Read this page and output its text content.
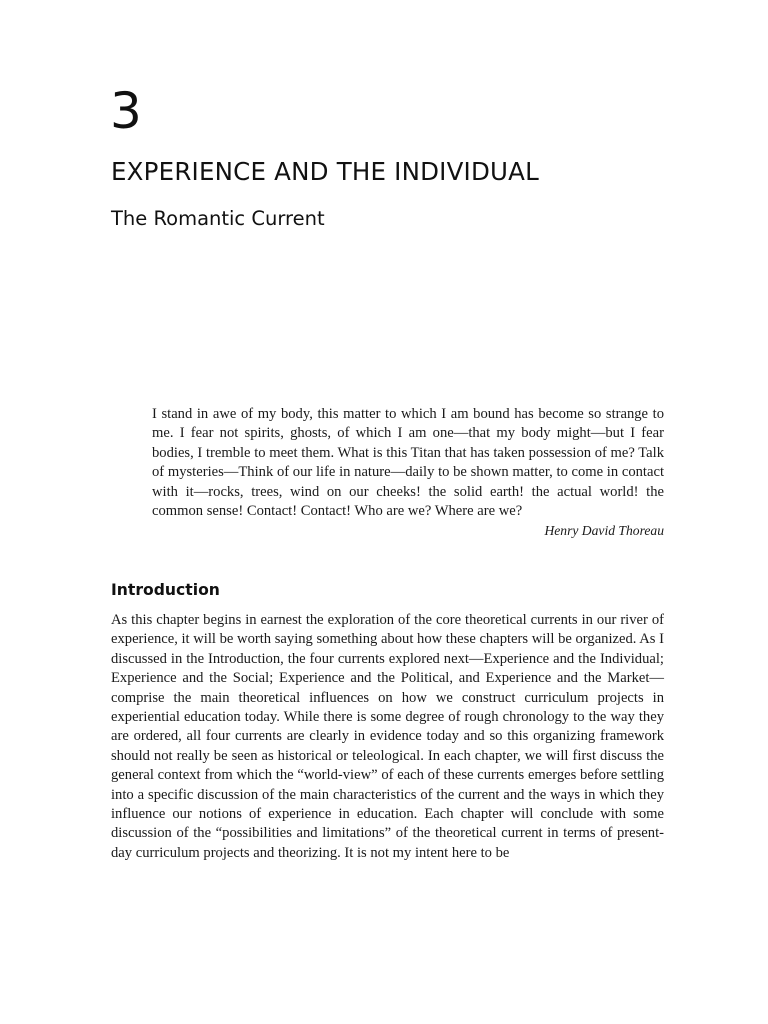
3
EXPERIENCE AND THE INDIVIDUAL
The Romantic Current

I stand in awe of my body, this matter to which I am bound has become so strange to me. I fear not spirits, ghosts, of which I am one—that my body might—but I fear bodies, I tremble to meet them. What is this Titan that has taken possession of me? Talk of mysteries—Think of our life in nature—daily to be shown matter, to come in contact with it—rocks, trees, wind on our cheeks! the solid earth! the actual world! the common sense! Contact! Contact! Who are we? Where are we?

Henry David Thoreau

Introduction

As this chapter begins in earnest the exploration of the core theoretical currents in our river of experience, it will be worth saying something about how these chapters will be organized. As I discussed in the Introduction, the four currents explored next—Experience and the Individual; Experience and the Social; Experience and the Political, and Experience and the Market—comprise the main theoretical influences on how we construct curriculum projects in experiential education today. While there is some degree of rough chronology to the way they are ordered, all four currents are clearly in evidence today and so this organizing framework should not really be seen as historical or teleological. In each chapter, we will first discuss the general context from which the “world-view” of each of these currents emerges before settling into a specific discussion of the main characteristics of the current and the ways in which they influence our notions of experience in education. Each chapter will conclude with some discussion of the “possibilities and limitations” of the theoretical current in terms of present-day curriculum projects and theorizing. It is not my intent here to be
